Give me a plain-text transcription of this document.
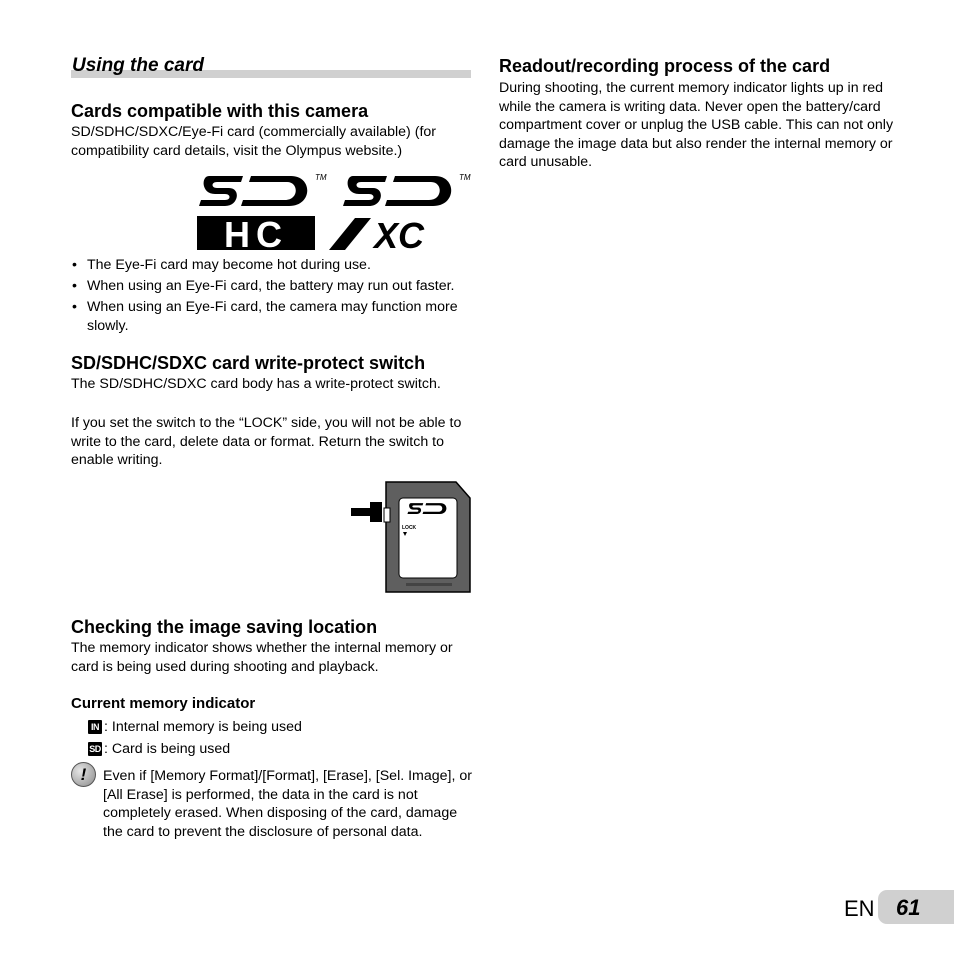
Using the card
Cards compatible with this camera

SD/SDHC/SDXC/Eye-Fi card (commercially available) (for compatibility card details, visit the Olympus website.)

HC
TM	TM
XC
• The Eye-Fi card may become hot during use.
• When using an Eye-Fi card, the battery may run out faster.
• When using an Eye-Fi card, the camera may function more slowly.
SD/SDHC/SDXC card write-protect switch

The SD/SDHC/SDXC card body has a write-protect switch.

If you set the switch to the “LOCK” side, you will not be able to write to the card, delete data or format. Return the switch to enable writing.

LOCK
Checking the image saving location

The memory indicator shows whether the internal memory or card is being used during shooting and playback.

Current memory indicator
IN : Internal memory is being used
SD : Card is being used
!	Even if [Memory Format]/[Format], [Erase], [Sel. Image], or [All Erase] is performed, the data in the card is not completely erased. When disposing of the card, damage the card to prevent the disclosure of personal data.

Readout/recording process of the card

During shooting, the current memory indicator lights up in red while the camera is writing data. Never open the battery/card compartment cover or unplug the USB cable. This can not only damage the image data but also render the internal memory or card unusable.

EN 61
